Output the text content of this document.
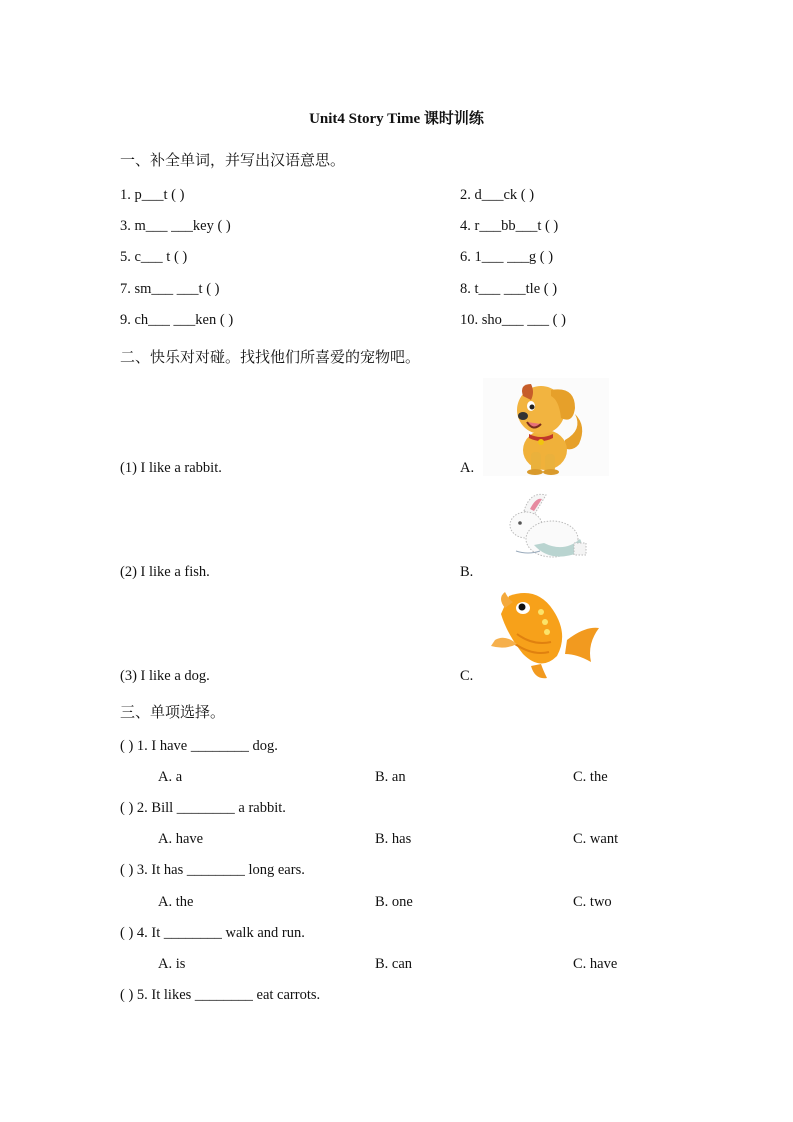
Unit4 Story Time 课时训练
一、补全单词，并写出汉语意思。
1. p___t ( )	2. d___ck ( )
3. m___ ___key ( )	4. r___bb___t ( )
5. c___ t ( )	6. 1___ ___g ( )
7. sm___ ___t ( )	8. t___ ___tle ( )
9. ch___ ___ken ( )	10. sho___ ___ ( )
二、快乐对对碰。找找他们所喜爱的宠物吧。
(1) I like a rabbit.
(2) I like a fish.
(3) I like a dog.
A.
B.
C.
三、单项选择。
( ) 1. I have ________ dog.
A. a	B. an	C. the
( ) 2. Bill ________ a rabbit.
A. have	B. has	C. want
( ) 3. It has ________ long ears.
A. the	B. one	C. two
( ) 4. It ________ walk and run.
A. is	B. can	C. have
( ) 5. It likes ________ eat carrots.
